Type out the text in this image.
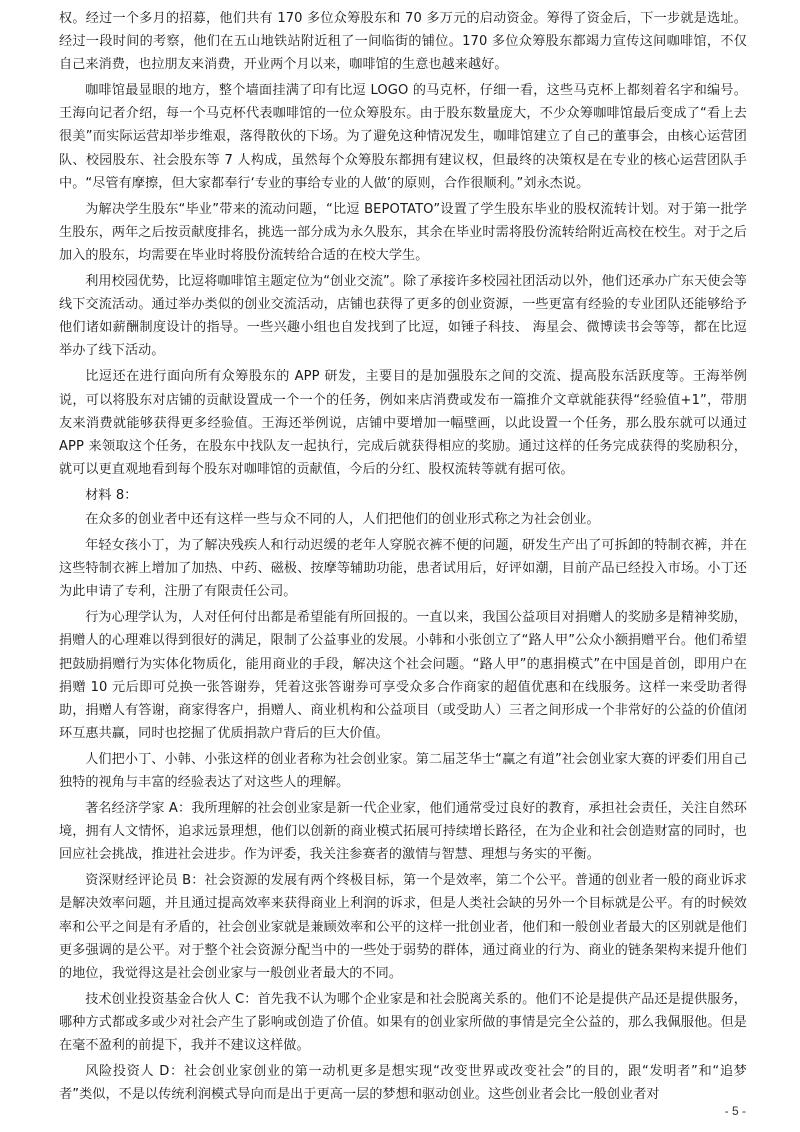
权。经过一个多月的招募，他们共有 170 多位众筹股东和 70 多万元的启动资金。筹得了资金后，下一步就是选址。经过一段时间的考察，他们在五山地铁站附近租了一间临街的铺位。170 多位众筹股东都竭力宣传这间咖啡馆，不仅自己来消费，也拉朋友来消费，开业两个月以来，咖啡馆的生意也越来越好。

咖啡馆最显眼的地方，整个墙面挂满了印有比逗 LOGO 的马克杯，仔细一看，这些马克杯上都刻着名字和编号。王海向记者介绍，每一个马克杯代表咖啡馆的一位众筹股东。由于股东数量庞大，不少众筹咖啡馆最后变成了“看上去很美”而实际运营却举步维艰，落得散伙的下场。为了避免这种情况发生，咖啡馆建立了自己的董事会，由核心运营团队、校园股东、社会股东等 7 人构成，虽然每个众筹股东都拥有建议权，但最终的决策权是在专业的核心运营团队手中。“尽管有摩擦，但大家都奉行‘专业的事给专业的人做’的原则，合作很顺利。”刘永杰说。

为解决学生股东“毕业”带来的流动问题，“比逗 BEPOTATO”设置了学生股东毕业的股权流转计划。对于第一批学生股东，两年之后按贡献度排名，挑选一部分成为永久股东，其余在毕业时需将股份流转给附近高校在校生。对于之后加入的股东，均需要在毕业时将股份流转给合适的在校大学生。

利用校园优势，比逗将咖啡馆主题定位为“创业交流”。除了承接许多校园社团活动以外，他们还承办广东天使会等线下交流活动。通过举办类似的创业交流活动，店铺也获得了更多的创业资源，一些更富有经验的专业团队还能够给予他们诸如薪酬制度设计的指导。一些兴趣小组也自发找到了比逗，如锤子科技、 海星会、微博读书会等等，都在比逗举办了线下活动。

比逗还在进行面向所有众筹股东的 APP 研发，主要目的是加强股东之间的交流、提高股东活跃度等。王海举例说，可以将股东对店铺的贡献设置成一个一个的任务，例如来店消费或发布一篇推介文章就能获得“经验值+1”，带朋友来消费就能够获得更多经验值。王海还举例说，店铺中要增加一幅壁画，以此设置一个任务，那么股东就可以通过 APP 来领取这个任务，在股东中找队友一起执行，完成后就获得相应的奖励。通过这样的任务完成获得的奖励积分，就可以更直观地看到每个股东对咖啡馆的贡献值，今后的分红、股权流转等就有据可依。

材料 8：

在众多的创业者中还有这样一些与众不同的人，人们把他们的创业形式称之为社会创业。

年轻女孩小丁，为了解决残疾人和行动迟缓的老年人穿脱衣裤不便的问题，研发生产出了可拆卸的特制衣裤，并在这些特制衣裤上增加了加热、中药、磁极、按摩等辅助功能，患者试用后，好评如潮，目前产品已经投入市场。小丁还为此申请了专利，注册了有限责任公司。

行为心理学认为，人对任何付出都是希望能有所回报的。一直以来，我国公益项目对捐赠人的奖励多是精神奖励，捐赠人的心理难以得到很好的满足，限制了公益事业的发展。小韩和小张创立了“路人甲”公众小额捐赠平台。他们希望把鼓励捐赠行为实体化物质化，能用商业的手段，解决这个社会问题。“路人甲”的惠捐模式”在中国是首创，即用户在捐赠 10 元后即可兑换一张答谢券，凭着这张答谢券可享受众多合作商家的超值优惠和在线服务。这样一来受助者得助，捐赠人有答谢，商家得客户，捐赠人、商业机构和公益项目（或受助人）三者之间形成一个非常好的公益的价值闭环互惠共赢，同时也挖掘了优质捐款户背后的巨大价值。

人们把小丁、小韩、小张这样的创业者称为社会创业家。第二届芝华士“赢之有道”社会创业家大赛的评委们用自己独特的视角与丰富的经验表达了对这些人的理解。

著名经济学家 A：我所理解的社会创业家是新一代企业家，他们通常受过良好的教育，承担社会责任，关注自然环境，拥有人文情怀，追求远景理想，他们以创新的商业模式拓展可持续增长路径，在为企业和社会创造财富的同时，也回应社会挑战，推进社会进步。作为评委，我关注参赛者的激情与智慧、理想与务实的平衡。

资深财经评论员 B：社会资源的发展有两个终极目标，第一个是效率，第二个公平。普通的创业者一般的商业诉求是解决效率问题，并且通过提高效率来获得商业上利润的诉求，但是人类社会缺的另外一个目标就是公平。有的时候效率和公平之间是有矛盾的，社会创业家就是兼顾效率和公平的这样一批创业者，他们和一般创业者最大的区别就是他们更多强调的是公平。对于整个社会资源分配当中的一些处于弱势的群体，通过商业的行为、商业的链条架构来提升他们的地位，我觉得这是社会创业家与一般创业者最大的不同。

技术创业投资基金合伙人 C：首先我不认为哪个企业家是和社会脱离关系的。他们不论是提供产品还是提供服务，哪种方式都或多或少对社会产生了影响或创造了价值。如果有的创业家所做的事情是完全公益的，那么我佩服他。但是在毫不盈利的前提下，我并不建议这样做。

风险投资人 D：社会创业家创业的第一动机更多是想实现“改变世界或改变社会”的目的，跟“发明者”和“追梦者”类似，不是以传统利润模式导向而是出于更高一层的梦想和驱动创业。这些创业者会比一般创业者对

- 5 -
